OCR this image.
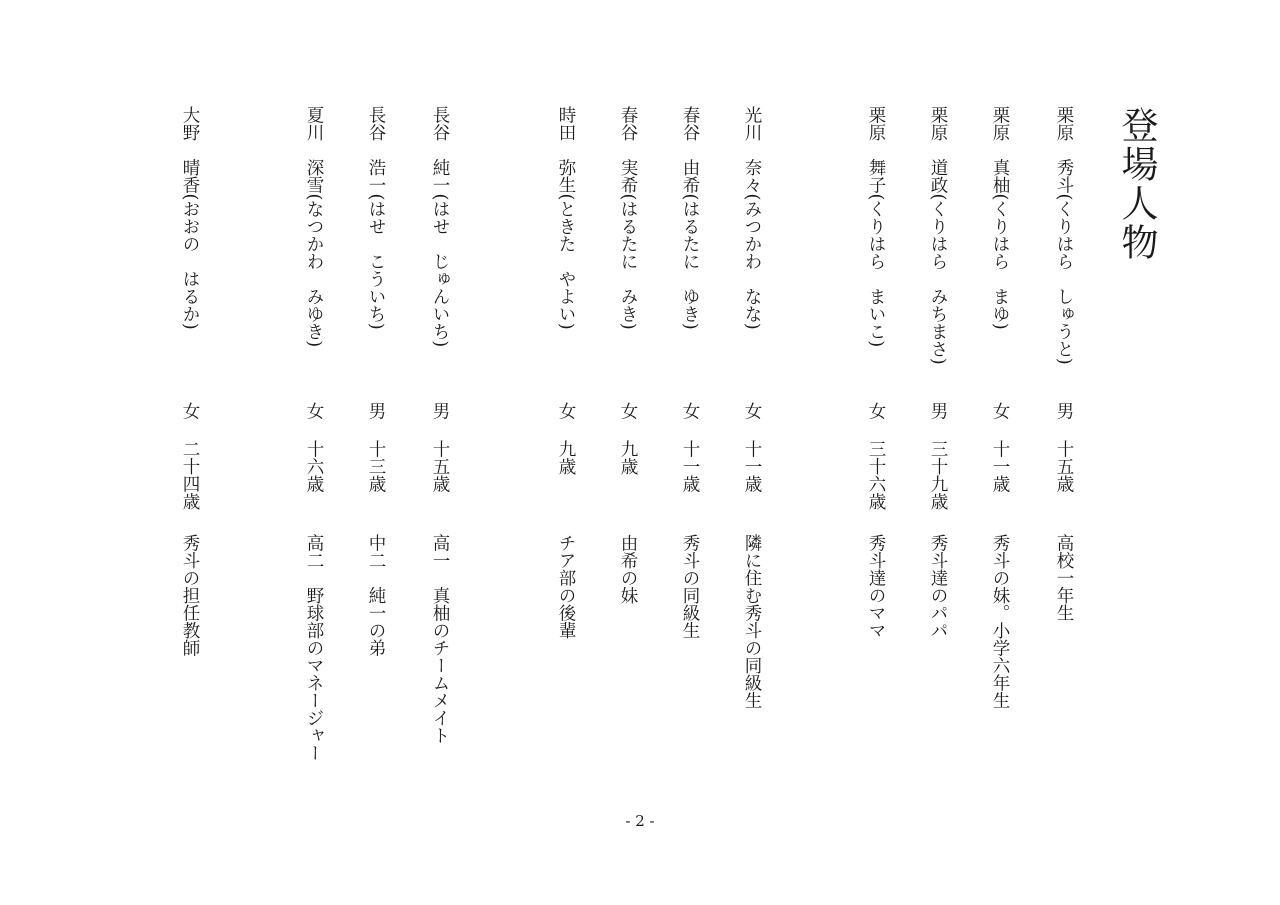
登場人物
栗原　秀斗(くりはら　しゅうと)
男
十五歳
高校一年生
栗原　真柚(くりはら　まゆ)
女
十一歳
秀斗の妹。小学六年生
栗原　道政(くりはら　みちまさ)
男
三十九歳
秀斗達のパパ
栗原　舞子(くりはら　まいこ)
女
三十六歳
秀斗達のママ
光川　奈々(みつかわ　なな)
女
十一歳
隣に住む秀斗の同級生
春谷　由希(はるたに　ゆき)
女
十一歳
秀斗の同級生
春谷　実希(はるたに　みき)
女
九歳
由希の妹
時田　弥生(ときた　やよい)
女
九歳
チア部の後輩
長谷　純一(はせ　じゅんいち)
男
十五歳
高一　真柚のチームメイト
長谷　浩一(はせ　こういち)
男
十三歳
中二　純一の弟
夏川　深雪(なつかわ　みゆき)
女
十六歳
高二　野球部のマネージャー
大野　晴香(おおの　はるか)
女
二十四歳
秀斗の担任教師
- 2 -
